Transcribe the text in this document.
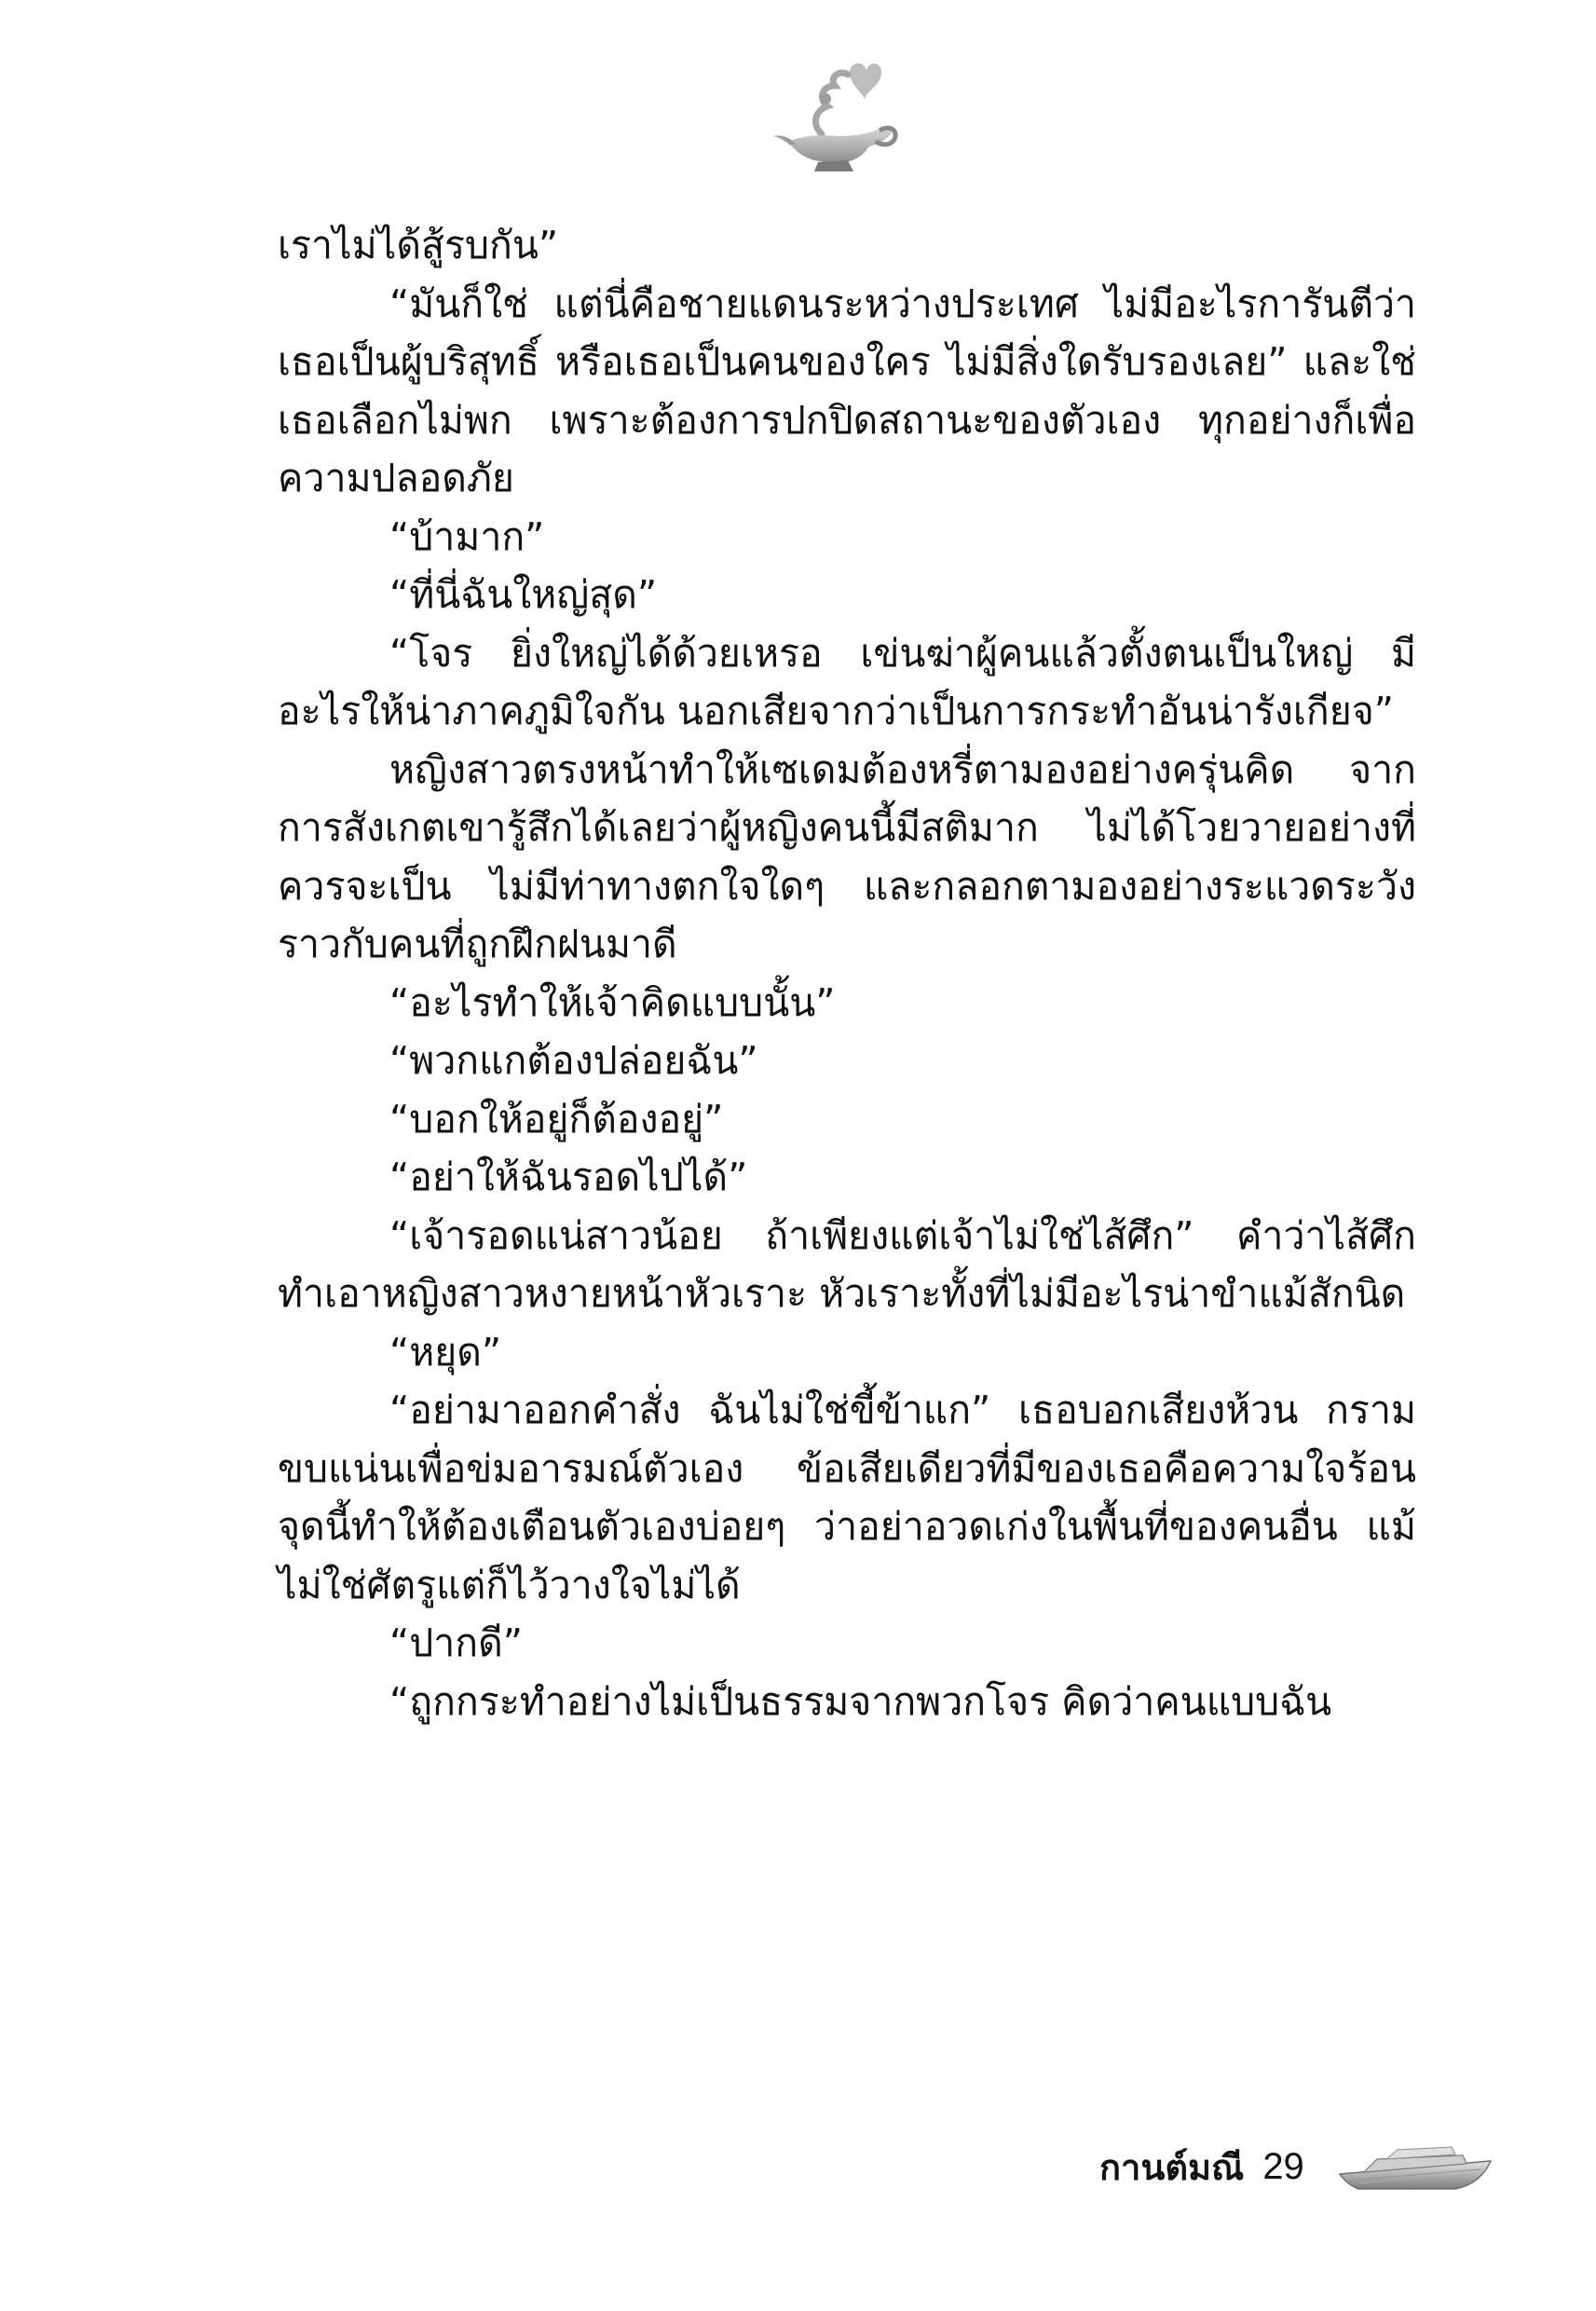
เราไม่ได้สู้รบกัน”

“มันก็ใช่ แต่นี่คือชายแดนระหว่างประเทศ ไม่มีอะไรการันตีว่าเธอเป็นผู้บริสุทธิ์ หรือเธอเป็นคนของใคร ไม่มีสิ่งใดรับรองเลย” และใช่ เธอเลือกไม่พก เพราะต้องการปกปิดสถานะของตัวเอง ทุกอย่างก็เพื่อความปลอดภัย

“บ้ามาก”

“ที่นี่ฉันใหญ่สุด”

“โจร ยิ่งใหญ่ได้ด้วยเหรอ เข่นฆ่าผู้คนแล้วตั้งตนเป็นใหญ่ มีอะไรให้น่าภาคภูมิใจกัน นอกเสียจากว่าเป็นการกระทำอันน่ารังเกียจ”

หญิงสาวตรงหน้าทำให้เซเดมต้องหรี่ตามองอย่างครุ่นคิด จากการสังเกตเขารู้สึกได้เลยว่าผู้หญิงคนนี้มีสติมาก ไม่ได้โวยวายอย่างที่ควรจะเป็น ไม่มีท่าทางตกใจใดๆ และกลอกตามองอย่างระแวดระวังราวกับคนที่ถูกฝึกฝนมาดี

“อะไรทำให้เจ้าคิดแบบนั้น”

“พวกแกต้องปล่อยฉัน”

“บอกให้อยู่ก็ต้องอยู่”

“อย่าให้ฉันรอดไปได้”

“เจ้ารอดแน่สาวน้อย ถ้าเพียงแต่เจ้าไม่ใช่ไส้ศึก” คำว่าไส้ศึกทำเอาหญิงสาวหงายหน้าหัวเราะ หัวเราะทั้งที่ไม่มีอะไรน่าขำแม้สักนิด

“หยุด”

“อย่ามาออกคำสั่ง ฉันไม่ใช่ขี้ข้าแก” เธอบอกเสียงห้วน กรามขบแน่นเพื่อข่มอารมณ์ตัวเอง ข้อเสียเดียวที่มีของเธอคือความใจร้อน จุดนี้ทำให้ต้องเตือนตัวเองบ่อยๆ ว่าอย่าอวดเก่งในพื้นที่ของคนอื่น แม้ไม่ใช่ศัตรูแต่ก็ไว้วางใจไม่ได้

“ปากดี”

“ถูกกระทำอย่างไม่เป็นธรรมจากพวกโจร คิดว่าคนแบบฉัน

กานต์มณี 29
